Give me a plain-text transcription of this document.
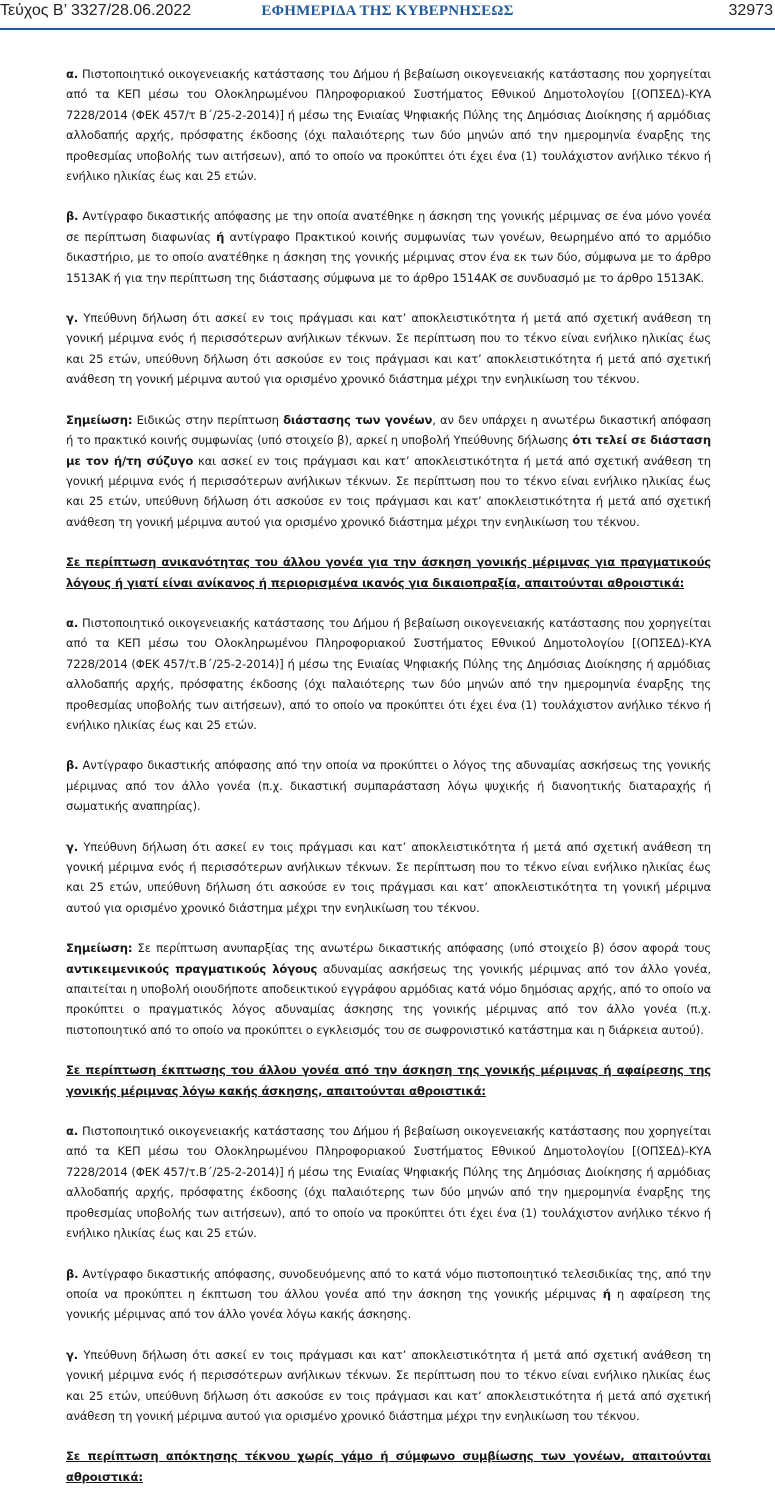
Τεύχος Β’ 3327/28.06.2022	ΕΦΗΜΕΡΙΔΑ ΤΗΣ ΚΥΒΕΡΝΗΣΕΩΣ	32973

α. Πιστοποιητικό οικογενειακής κατάστασης του Δήμου ή βεβαίωση οικογενειακής κατάστασης που χορηγείται από τα ΚΕΠ μέσω του Ολοκληρωμένου Πληροφοριακού Συστήματος Εθνικού Δημοτολογίου [(ΟΠΣΕΔ)-ΚΥΑ 7228/2014 (ΦΕΚ 457/τ Β΄/25-2-2014)] ή μέσω της Ενιαίας Ψηφιακής Πύλης της Δημόσιας Διοίκησης ή αρμόδιας αλλοδαπής αρχής, πρόσφατης έκδοσης (όχι παλαιότερης των δύο μηνών από την ημερομηνία έναρξης της προθεσμίας υποβολής των αιτήσεων), από το οποίο να προκύπτει ότι έχει ένα (1) τουλάχιστον ανήλικο τέκνο ή ενήλικο ηλικίας έως και 25 ετών.

β. Αντίγραφο δικαστικής απόφασης με την οποία ανατέθηκε η άσκηση της γονικής μέριμνας σε ένα μόνο γονέα σε περίπτωση διαφωνίας ή αντίγραφο Πρακτικού κοινής συμφωνίας των γονέων, θεωρημένο από το αρμόδιο δικαστήριο, με το οποίο ανατέθηκε η άσκηση της γονικής μέριμνας στον ένα εκ των δύο, σύμφωνα με το άρθρο 1513ΑΚ ή για την περίπτωση της διάστασης σύμφωνα με το άρθρο 1514ΑΚ σε συνδυασμό με το άρθρο 1513ΑΚ.

γ. Υπεύθυνη δήλωση ότι ασκεί εν τοις πράγμασι και κατ’ αποκλειστικότητα ή μετά από σχετική ανάθεση τη γονική μέριμνα ενός ή περισσότερων ανήλικων τέκνων. Σε περίπτωση που το τέκνο είναι ενήλικο ηλικίας έως και 25 ετών, υπεύθυνη δήλωση ότι ασκούσε εν τοις πράγμασι και κατ’ αποκλειστικότητα ή μετά από σχετική ανάθεση τη γονική μέριμνα αυτού για ορισμένο χρονικό διάστημα μέχρι την ενηλικίωση του τέκνου.

Σημείωση: Ειδικώς στην περίπτωση διάστασης των γονέων, αν δεν υπάρχει η ανωτέρω δικαστική απόφαση ή το πρακτικό κοινής συμφωνίας (υπό στοιχείο β), αρκεί η υποβολή Υπεύθυνης δήλωσης ότι τελεί σε διάσταση με τον ή/τη σύζυγο και ασκεί εν τοις πράγμασι και κατ’ αποκλειστικότητα ή μετά από σχετική ανάθεση τη γονική μέριμνα ενός ή περισσότερων ανήλικων τέκνων. Σε περίπτωση που το τέκνο είναι ενήλικο ηλικίας έως και 25 ετών, υπεύθυνη δήλωση ότι ασκούσε εν τοις πράγμασι και κατ’ αποκλειστικότητα ή μετά από σχετική ανάθεση τη γονική μέριμνα αυτού για ορισμένο χρονικό διάστημα μέχρι την ενηλικίωση του τέκνου.

Σε περίπτωση ανικανότητας του άλλου γονέα για την άσκηση γονικής μέριμνας για πραγματικούς λόγους ή γιατί είναι ανίκανος ή περιορισμένα ικανός για δικαιοπραξία, απαιτούνται αθροιστικά:

α. Πιστοποιητικό οικογενειακής κατάστασης του Δήμου ή βεβαίωση οικογενειακής κατάστασης που χορηγείται από τα ΚΕΠ μέσω του Ολοκληρωμένου Πληροφοριακού Συστήματος Εθνικού Δημοτολογίου [(ΟΠΣΕΔ)-ΚΥΑ 7228/2014 (ΦΕΚ 457/τ.Β΄/25-2-2014)] ή μέσω της Ενιαίας Ψηφιακής Πύλης της Δημόσιας Διοίκησης ή αρμόδιας αλλοδαπής αρχής, πρόσφατης έκδοσης (όχι παλαιότερης των δύο μηνών από την ημερομηνία έναρξης της προθεσμίας υποβολής των αιτήσεων), από το οποίο να προκύπτει ότι έχει ένα (1) τουλάχιστον ανήλικο τέκνο ή ενήλικο ηλικίας έως και 25 ετών.

β. Αντίγραφο δικαστικής απόφασης από την οποία να προκύπτει ο λόγος της αδυναμίας ασκήσεως της γονικής μέριμνας από τον άλλο γονέα (π.χ. δικαστική συμπαράσταση λόγω ψυχικής ή διανοητικής διαταραχής ή σωματικής αναπηρίας).

γ. Υπεύθυνη δήλωση ότι ασκεί εν τοις πράγμασι και κατ’ αποκλειστικότητα ή μετά από σχετική ανάθεση τη γονική μέριμνα ενός ή περισσότερων ανήλικων τέκνων. Σε περίπτωση που το τέκνο είναι ενήλικο ηλικίας έως και 25 ετών, υπεύθυνη δήλωση ότι ασκούσε εν τοις πράγμασι και κατ’ αποκλειστικότητα τη γονική μέριμνα αυτού για ορισμένο χρονικό διάστημα μέχρι την ενηλικίωση του τέκνου.

Σημείωση: Σε περίπτωση ανυπαρξίας της ανωτέρω δικαστικής απόφασης (υπό στοιχείο β) όσον αφορά τους αντικειμενικούς πραγματικούς λόγους αδυναμίας ασκήσεως της γονικής μέριμνας από τον άλλο γονέα, απαιτείται η υποβολή οιουδήποτε αποδεικτικού εγγράφου αρμόδιας κατά νόμο δημόσιας αρχής, από το οποίο να προκύπτει ο πραγματικός λόγος αδυναμίας άσκησης της γονικής μέριμνας από τον άλλο γονέα (π.χ. πιστοποιητικό από το οποίο να προκύπτει ο εγκλεισμός του σε σωφρονιστικό κατάστημα και η διάρκεια αυτού).

Σε περίπτωση έκπτωσης του άλλου γονέα από την άσκηση της γονικής μέριμνας ή αφαίρεσης της γονικής μέριμνας λόγω κακής άσκησης, απαιτούνται αθροιστικά:

α. Πιστοποιητικό οικογενειακής κατάστασης του Δήμου ή βεβαίωση οικογενειακής κατάστασης που χορηγείται από τα ΚΕΠ μέσω του Ολοκληρωμένου Πληροφοριακού Συστήματος Εθνικού Δημοτολογίου [(ΟΠΣΕΔ)-ΚΥΑ 7228/2014 (ΦΕΚ 457/τ.Β΄/25-2-2014)] ή μέσω της Ενιαίας Ψηφιακής Πύλης της Δημόσιας Διοίκησης ή αρμόδιας αλλοδαπής αρχής, πρόσφατης έκδοσης (όχι παλαιότερης των δύο μηνών από την ημερομηνία έναρξης της προθεσμίας υποβολής των αιτήσεων), από το οποίο να προκύπτει ότι έχει ένα (1) τουλάχιστον ανήλικο τέκνο ή ενήλικο ηλικίας έως και 25 ετών.

β. Αντίγραφο δικαστικής απόφασης, συνοδευόμενης από το κατά νόμο πιστοποιητικό τελεσιδικίας της, από την οποία να προκύπτει η έκπτωση του άλλου γονέα από την άσκηση της γονικής μέριμνας ή η αφαίρεση της γονικής μέριμνας από τον άλλο γονέα λόγω κακής άσκησης.

γ. Υπεύθυνη δήλωση ότι ασκεί εν τοις πράγμασι και κατ’ αποκλειστικότητα ή μετά από σχετική ανάθεση τη γονική μέριμνα ενός ή περισσότερων ανήλικων τέκνων. Σε περίπτωση που το τέκνο είναι ενήλικο ηλικίας έως και 25 ετών, υπεύθυνη δήλωση ότι ασκούσε εν τοις πράγμασι και κατ’ αποκλειστικότητα ή μετά από σχετική ανάθεση τη γονική μέριμνα αυτού για ορισμένο χρονικό διάστημα μέχρι την ενηλικίωση του τέκνου.

Σε περίπτωση απόκτησης τέκνου χωρίς γάμο ή σύμφωνο συμβίωσης των γονέων, απαιτούνται αθροιστικά:
